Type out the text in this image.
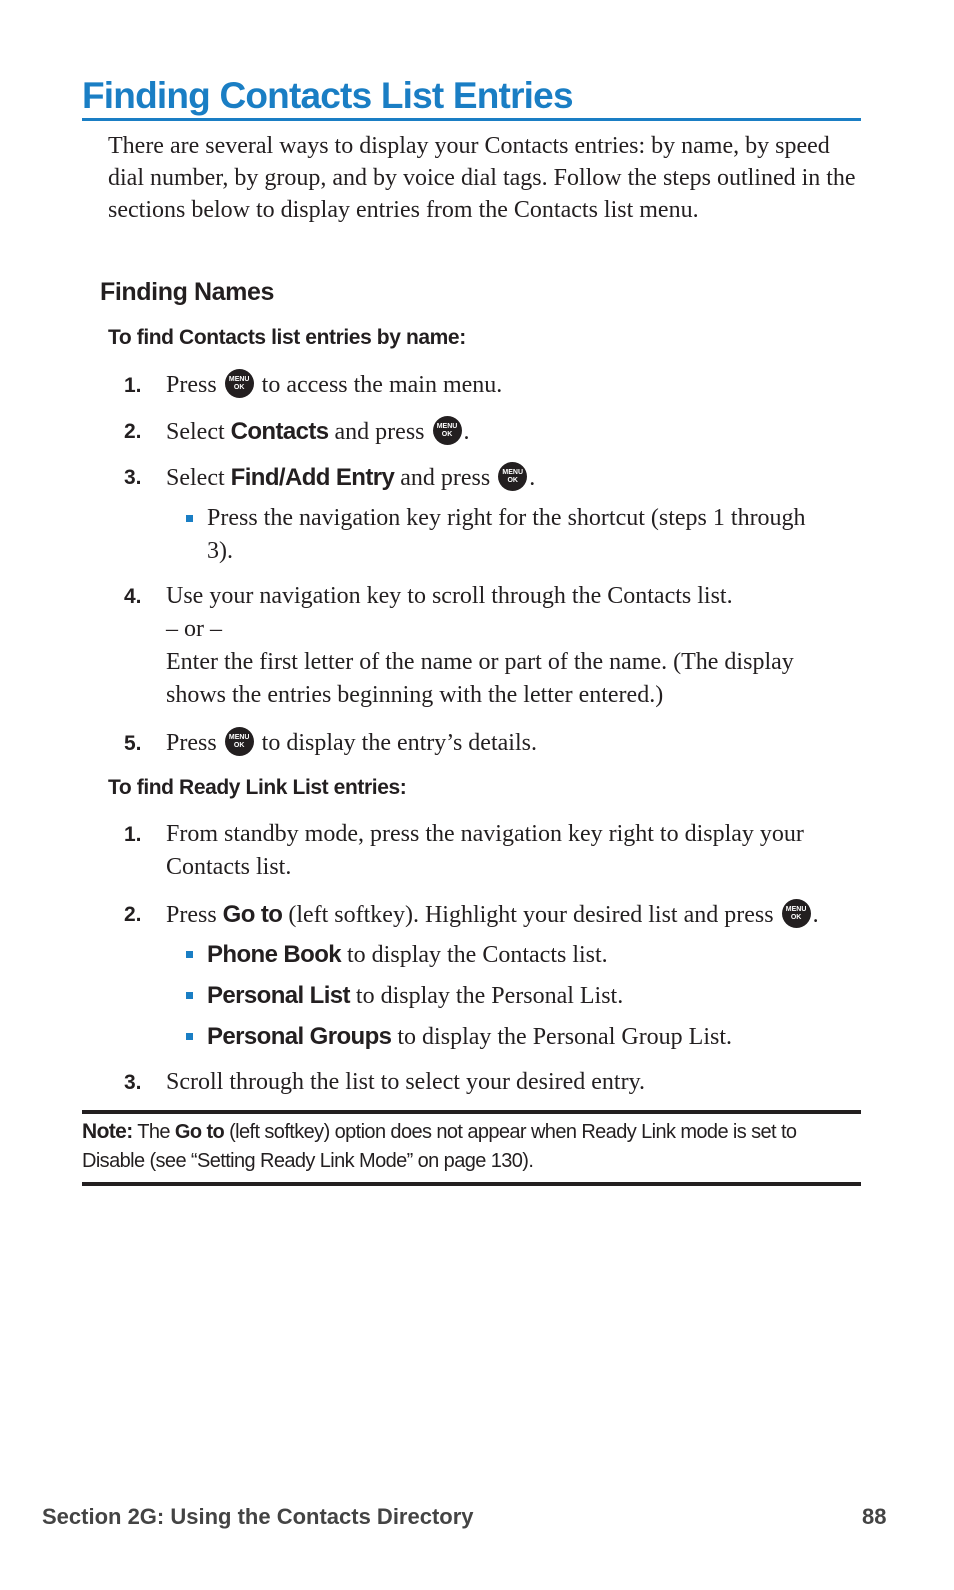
Finding Contacts List Entries

There are several ways to display your Contacts entries: by name, by speed dial number, by group, and by voice dial tags. Follow the steps outlined in the sections below to display entries from the Contacts list menu.

Finding Names
To find Contacts list entries by name:
1. Press	MENU
OK to access the main menu.
2. Select Contacts and press	MENU
OK .
3. Select Find/Add Entry and press	MENU
OK .
Press the navigation key right for the shortcut (steps 1 through 3).
4. Use your navigation key to scroll through the Contacts list.
– or –
Enter the first letter of the name or part of the name. (The display shows the entries beginning with the letter entered.)
5. Press	MENU
OK to display the entry’s details.
To find Ready Link List entries:
1. From standby mode, press the navigation key right to display your Contacts list.
2. Press Go to (left softkey). Highlight your desired list and press	MENU
OK .
Phone Book to display the Contacts list.
Personal List to display the Personal List.
Personal Groups to display the Personal Group List.
3. Scroll through the list to select your desired entry.
Note: The Go to (left softkey) option does not appear when Ready Link mode is set to Disable (see “Setting Ready Link Mode” on page 130).
Section 2G: Using the Contacts Directory	88
